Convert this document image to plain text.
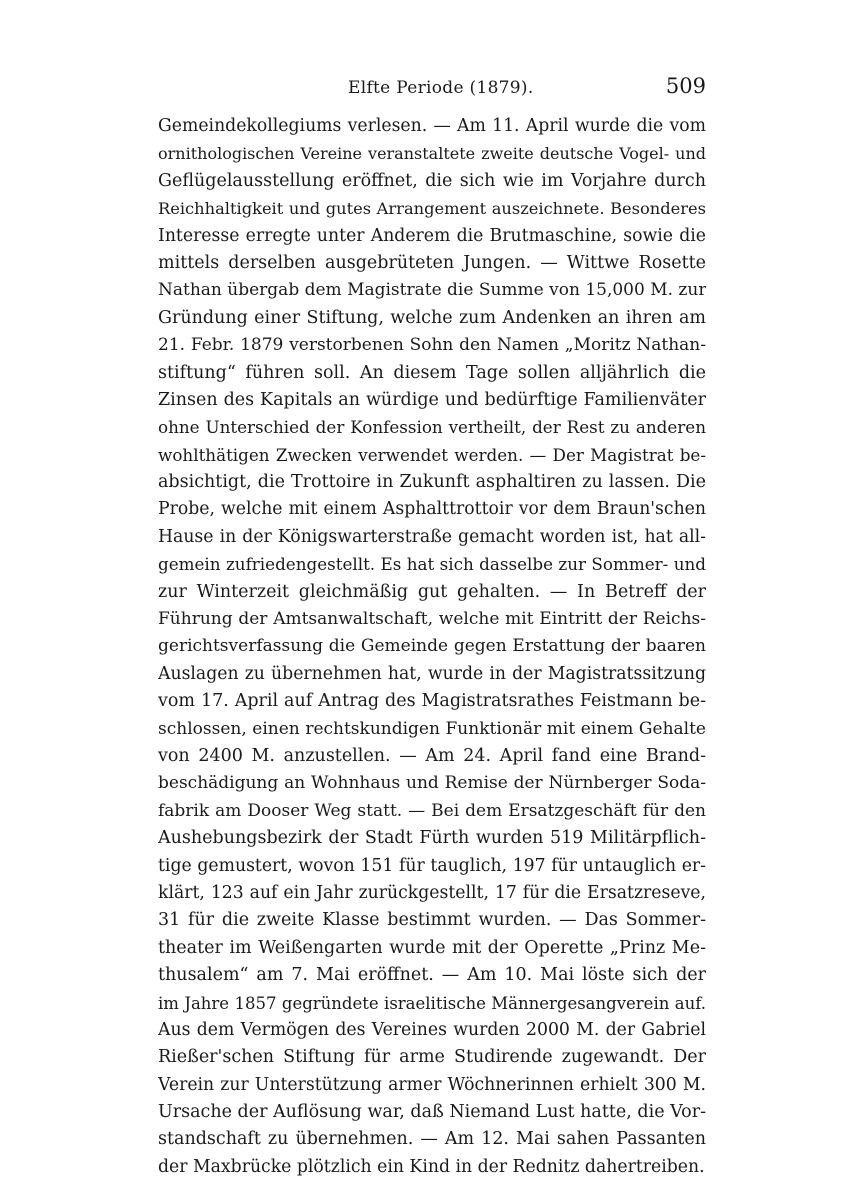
Elfte Periode (1879).	509
Gemeindekollegiums verlesen. — Am 11. April wurde die vom
ornithologischen Vereine veranstaltete zweite deutsche Vogel- und
Geflügelausstellung eröffnet, die sich wie im Vorjahre durch
Reichhaltigkeit und gutes Arrangement auszeichnete. Besonderes
Interesse erregte unter Anderem die Brutmaschine, sowie die
mittels derselben ausgebrüteten Jungen. — Wittwe Rosette
Nathan übergab dem Magistrate die Summe von 15,000 M. zur
Gründung einer Stiftung, welche zum Andenken an ihren am
21. Febr. 1879 verstorbenen Sohn den Namen „Moritz Nathan-
stiftung“ führen soll. An diesem Tage sollen alljährlich die
Zinsen des Kapitals an würdige und bedürftige Familienväter
ohne Unterschied der Konfession vertheilt, der Rest zu anderen
wohlthätigen Zwecken verwendet werden. — Der Magistrat be-
absichtigt, die Trottoire in Zukunft asphaltiren zu lassen. Die
Probe, welche mit einem Asphalttrottoir vor dem Braun'schen
Hause in der Königswarterstraße gemacht worden ist, hat all-
gemein zufriedengestellt. Es hat sich dasselbe zur Sommer- und
zur Winterzeit gleichmäßig gut gehalten. — In Betreff der
Führung der Amtsanwaltschaft, welche mit Eintritt der Reichs-
gerichtsverfassung die Gemeinde gegen Erstattung der baaren
Auslagen zu übernehmen hat, wurde in der Magistratssitzung
vom 17. April auf Antrag des Magistratsrathes Feistmann be-
schlossen, einen rechtskundigen Funktionär mit einem Gehalte
von 2400 M. anzustellen. — Am 24. April fand eine Brand-
beschädigung an Wohnhaus und Remise der Nürnberger Soda-
fabrik am Dooser Weg statt. — Bei dem Ersatzgeschäft für den
Aushebungsbezirk der Stadt Fürth wurden 519 Militärpflich-
tige gemustert, wovon 151 für tauglich, 197 für untauglich er-
klärt, 123 auf ein Jahr zurückgestellt, 17 für die Ersatzreseve,
31 für die zweite Klasse bestimmt wurden. — Das Sommer-
theater im Weißengarten wurde mit der Operette „Prinz Me-
thusalem“ am 7. Mai eröffnet. — Am 10. Mai löste sich der
im Jahre 1857 gegründete israelitische Männergesangverein auf.
Aus dem Vermögen des Vereines wurden 2000 M. der Gabriel
Rießer'schen Stiftung für arme Studirende zugewandt. Der
Verein zur Unterstützung armer Wöchnerinnen erhielt 300 M.
Ursache der Auflösung war, daß Niemand Lust hatte, die Vor-
standschaft zu übernehmen. — Am 12. Mai sahen Passanten
der Maxbrücke plötzlich ein Kind in der Rednitz dahertreiben.
